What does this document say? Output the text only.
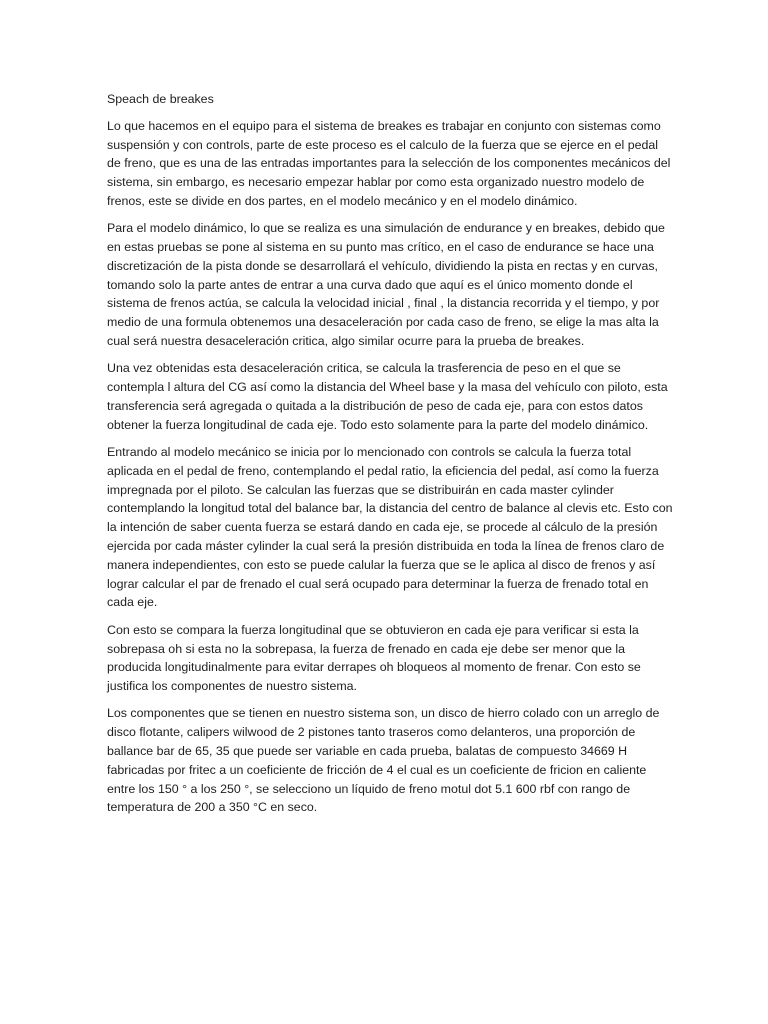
Speach de breakes

Lo que hacemos en el equipo para el sistema de breakes es trabajar en conjunto con sistemas como suspensión y con controls, parte de este proceso es el calculo de la fuerza que se ejerce en el pedal de freno, que es una de las entradas importantes para la selección de los componentes mecánicos del sistema, sin embargo, es necesario empezar hablar por como esta organizado nuestro modelo de frenos, este se divide en dos partes, en el modelo mecánico y en el modelo dinámico.

Para el modelo dinámico, lo que se realiza es una simulación de endurance y en breakes, debido que en estas pruebas se pone al sistema en su punto mas crítico, en el caso de endurance se hace una discretización de la pista donde se desarrollará el vehículo, dividiendo la pista en rectas y en curvas, tomando solo la parte antes de entrar a una curva dado que aquí es el único momento donde el sistema de frenos actúa, se calcula la velocidad inicial , final , la distancia recorrida y el tiempo, y por medio de una formula obtenemos una desaceleración por cada caso de freno, se elige la mas alta la cual será nuestra desaceleración critica, algo similar ocurre para la prueba de breakes.

Una vez obtenidas esta desaceleración critica, se calcula la trasferencia de peso en el que se contempla l altura del CG así como la distancia del Wheel base y la masa del vehículo con piloto, esta transferencia será agregada o quitada a la distribución de peso de cada eje, para con estos datos obtener la fuerza longitudinal de cada eje. Todo esto solamente para la parte del modelo dinámico.

Entrando al modelo mecánico se inicia por lo mencionado con controls se calcula la fuerza total aplicada en el pedal de freno, contemplando el pedal ratio, la eficiencia del pedal, así como la fuerza impregnada por el piloto. Se calculan las fuerzas que se distribuirán en cada master cylinder contemplando la longitud total del balance bar, la distancia del centro de balance al clevis etc. Esto con la intención de saber cuenta fuerza se estará dando en cada eje, se procede al cálculo de la presión ejercida por cada máster cylinder la cual será la presión distribuida en toda la línea de frenos claro de manera independientes, con esto se puede calular la fuerza que se le aplica al disco de frenos y así lograr calcular el par de frenado el cual será ocupado para determinar la fuerza de frenado total en cada eje.

Con esto se compara la fuerza longitudinal que se obtuvieron en cada eje para verificar si esta la sobrepasa oh si esta no la sobrepasa, la fuerza de frenado en cada eje debe ser menor que la producida longitudinalmente para evitar derrapes oh bloqueos al momento de frenar. Con esto se justifica los componentes de nuestro sistema.

Los componentes que se tienen en nuestro sistema son, un disco de hierro colado con un arreglo de disco flotante, calipers wilwood de 2 pistones tanto traseros como delanteros, una proporción de ballance bar de 65, 35 que puede ser variable en cada prueba, balatas de compuesto 34669 H fabricadas por fritec a un coeficiente de fricción de 4 el cual es un coeficiente de fricion en caliente entre los 150 ° a los 250 °, se selecciono un líquido de freno motul dot 5.1 600 rbf con rango de temperatura de 200 a 350 °C en seco.
